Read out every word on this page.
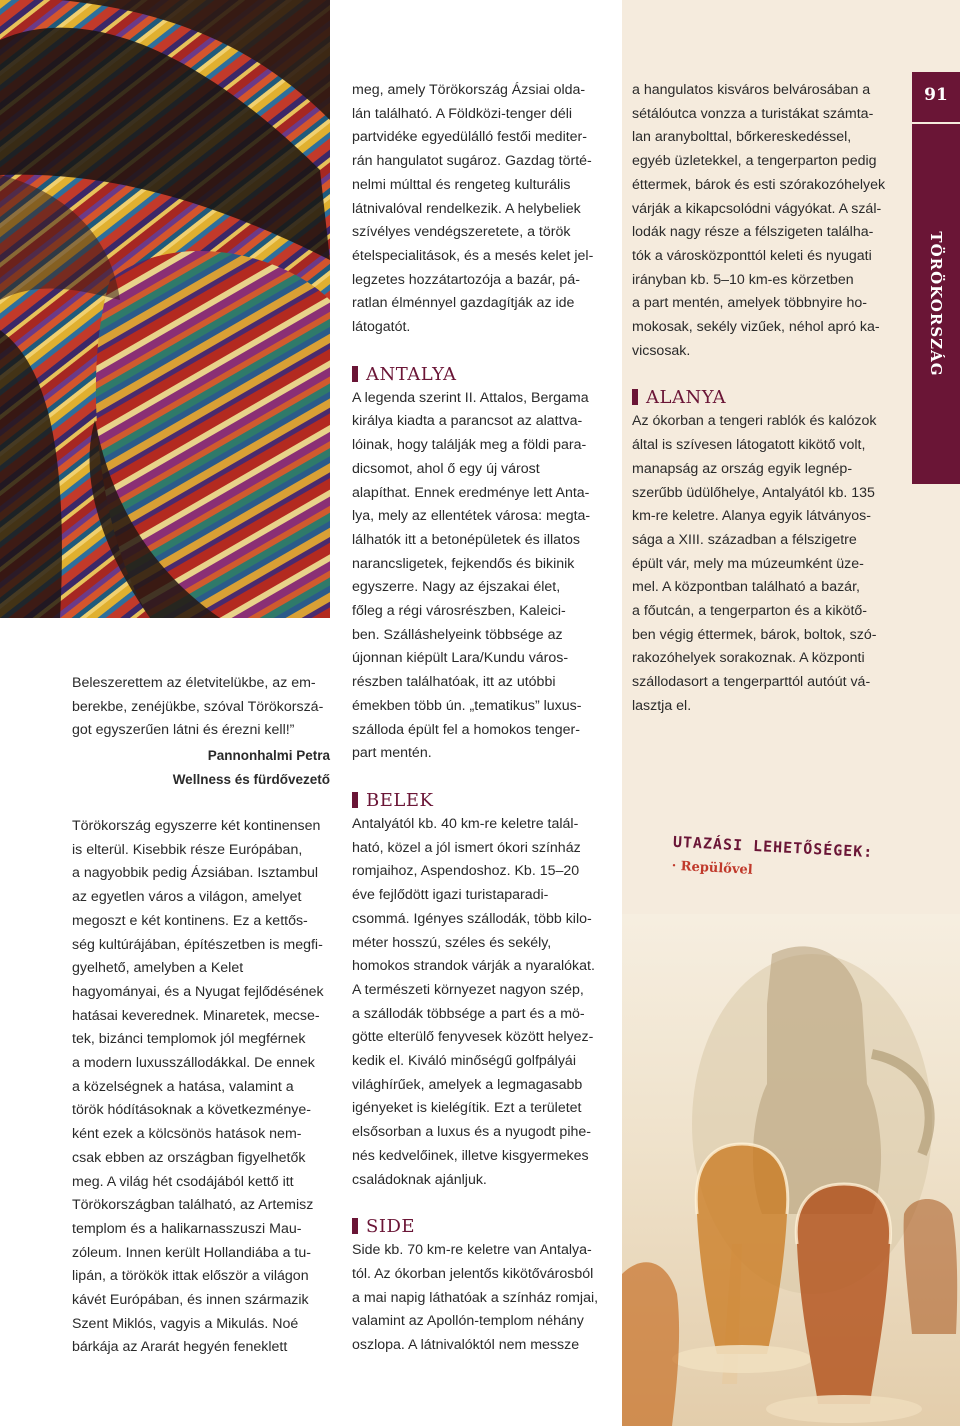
91
TÖRÖKORSZÁG

Beleszerettem az életvitelükbe, az em-
berekbe, zenéjükbe, szóval Törökorszá-
got egyszerűen látni és érezni kell!”

Pannonhalmi Petra
Wellness és fürdővezető

Törökország egyszerre két kontinensen
is elterül. Kisebbik része Európában,
a nagyobbik pedig Ázsiában. Isztambul
az egyetlen város a világon, amelyet
megoszt e két kontinens. Ez a kettős-
ség kultúrájában, építészetben is megfi-
gyelhető, amelyben a Kelet
hagyományai, és a Nyugat fejlődésének
hatásai keverednek. Minaretek, mecse-
tek, bizánci templomok jól megférnek
a modern luxusszállodákkal. De ennek
a közelségnek a hatása, valamint a
török hódításoknak a következménye-
ként ezek a kölcsönös hatások nem-
csak ebben az országban figyelhetők
meg. A világ hét csodájából kettő itt
Törökországban található, az Artemisz
templom és a halikarnasszuszi Mau-
zóleum. Innen került Hollandiába a tu-
lipán, a törökök ittak először a világon
kávét Európában, és innen származik
Szent Miklós, vagyis a Mikulás. Noé
bárkája az Ararát hegyén feneklett

meg, amely Törökország Ázsiai olda-
lán található. A Földközi-tenger déli
partvidéke egyedülálló festői mediter-
rán hangulatot sugároz. Gazdag törté-
nelmi múlttal és rengeteg kulturális
látnivalóval rendelkezik. A helybeliek
szívélyes vendégszeretete, a török
ételspecialitások, és a mesés kelet jel-
legzetes hozzátartozója a bazár, pá-
ratlan élménnyel gazdagítják az ide
látogatót.

ANTALYA

A legenda szerint II. Attalos, Bergama
királya kiadta a parancsot az alattva-
lóinak, hogy találják meg a földi para-
dicsomot, ahol ő egy új várost
alapíthat. Ennek eredménye lett Anta-
lya, mely az ellentétek városa: megta-
lálhatók itt a betonépületek és illatos
narancsligetek, fejkendős és bikinik
egyszerre. Nagy az éjszakai élet,
főleg a régi városrészben, Kaleici-
ben. Szálláshelyeink többsége az
újonnan kiépült Lara/Kundu város-
részben találhatóak, itt az utóbbi
émekben több ún. „tematikus” luxus-
szálloda épült fel a homokos tenger-
part mentén.

BELEK

Antalyától kb. 40 km-re keletre talál-
ható, közel a jól ismert ókori színház
romjaihoz, Aspendoshoz. Kb. 15–20
éve fejlődött igazi turistaparadi-
csommá. Igényes szállodák, több kilo-
méter hosszú, széles és sekély,
homokos strandok várják a nyaralókat.
A természeti környezet nagyon szép,
a szállodák többsége a part és a mö-
götte elterülő fenyvesek között helyez-
kedik el. Kiváló minőségű golfpályái
világhírűek, amelyek a legmagasabb
igényeket is kielégítik. Ezt a területet
elsősorban a luxus és a nyugodt pihe-
nés kedvelőinek, illetve kisgyermekes
családoknak ajánljuk.

SIDE

Side kb. 70 km-re keletre van Antalya-
tól. Az ókorban jelentős kikötővárosból
a mai napig láthatóak a színház romjai,
valamint az Apollón-templom néhány
oszlopa. A látnivalóktól nem messze

a hangulatos kisváros belvárosában a
sétálóutca vonzza a turistákat számta-
lan aranybolttal, bőrkereskedéssel,
egyéb üzletekkel, a tengerparton pedig
éttermek, bárok és esti szórakozóhelyek
várják a kikapcsolódni vágyókat. A szál-
lodák nagy része a félszigeten találha-
tók a városközponttól keleti és nyugati
irányban kb. 5–10 km-es körzetben
a part mentén, amelyek többnyire ho-
mokosak, sekély vizűek, néhol apró ka-
vicsosak.

ALANYA

Az ókorban a tengeri rablók és kalózok
által is szívesen látogatott kikötő volt,
manapság az ország egyik legnép-
szerűbb üdülőhelye, Antalyától kb. 135
km-re keletre. Alanya egyik látványos-
sága a XIII. században a félszigetre
épült vár, mely ma múzeumként üze-
mel. A központban található a bazár,
a főutcán, a tengerparton és a kikötő-
ben végig éttermek, bárok, boltok, szó-
rakozóhelyek sorakoznak. A központi
szállodasort a tengerparttól autóút vá-
lasztja el.

UTAZÁSI LEHETŐSÉGEK:
· Repülővel
